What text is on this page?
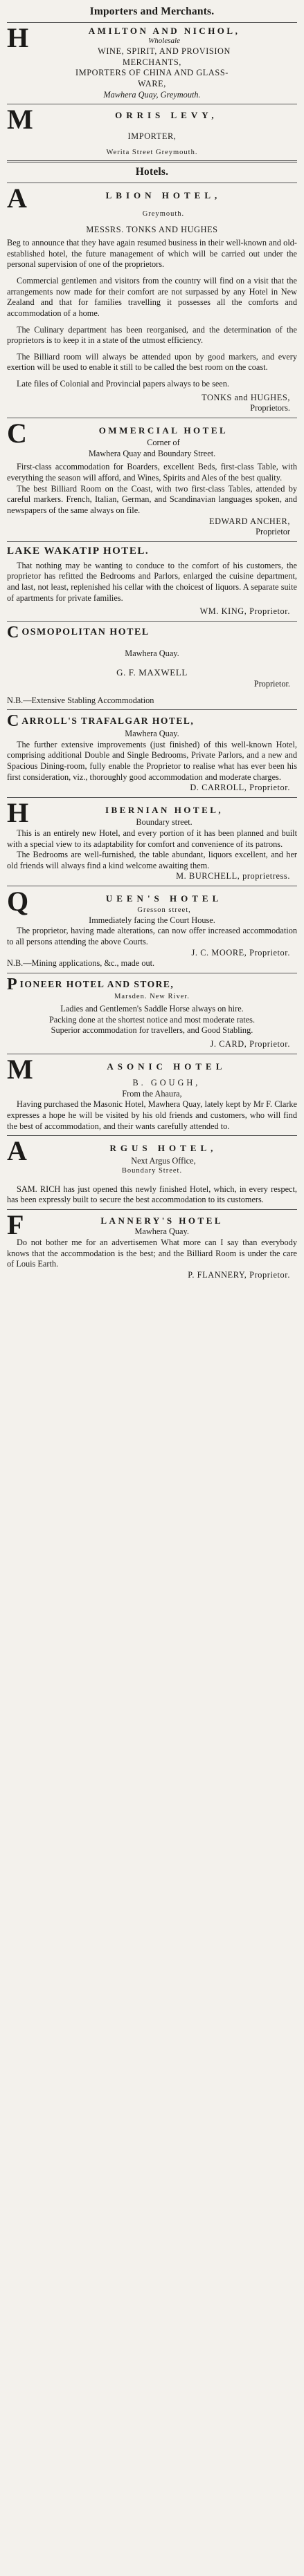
Importers and Merchants.
H	AMILTON AND NICHOL,
Wholesale
WINE, SPIRIT, AND PROVISION
MERCHANTS,
IMPORTERS OF CHINA AND GLASS-
WARE,
Mawhera Quay, Greymouth.
M	ORRIS LEVY,
IMPORTER,
Werita Street Greymouth.
Hotels.
A	LBION HOTEL,
Greymouth.
MESSRS. TONKS AND HUGHES

Beg to announce that they have again resumed business in their well-known and old-established hotel, the future management of which will be carried out under the personal supervision of one of the proprietors.

Commercial gentlemen and visitors from the country will find on a visit that the arrangements now made for their comfort are not surpassed by any Hotel in New Zealand and that for families travelling it possesses all the comforts and accommodation of a home.

The Culinary department has been reorganised, and the determination of the proprietors is to keep it in a state of the utmost efficiency.

The Billiard room will always be attended upon by good markers, and every exertion will be used to enable it still to be called the best room on the coast.

Late files of Colonial and Provincial papers always to be seen.

TONKS and HUGHES,
Proprietors.
C	OMMERCIAL HOTEL
Corner of
Mawhera Quay and Boundary Street.

First-class accommodation for Boarders, excellent Beds, first-class Table, with everything the season will afford, and Wines, Spirits and Ales of the best quality.

The best Billiard Room on the Coast, with two first-class Tables, attended by careful markers. French, Italian, German, and Scandinavian languages spoken, and newspapers of the same always on file.

EDWARD ANCHER,
Proprietor
LAKE WAKATIP HOTEL.

That nothing may be wanting to conduce to the comfort of his customers, the proprietor has refitted the Bedrooms and Parlors, enlarged the cuisine department, and last, not least, replenished his cellar with the choicest of liquors. A separate suite of apartments for private families.

WM. KING, Proprietor.
C OSMOPOLITAN HOTEL
Mawhera Quay.
G. F. MAXWELL
Proprietor.

N.B.—Extensive Stabling Accommodation

C ARROLL'S TRAFALGAR HOTEL,
Mawhera Quay.

The further extensive improvements (just finished) of this well-known Hotel, comprising additional Double and Single Bedrooms, Private Parlors, and a new and Spacious Dining-room, fully enable the Proprietor to realise what has ever been his first consideration, viz., thoroughly good accommodation and moderate charges.

D. CARROLL, Proprietor.
H	IBERNIAN HOTEL,
Boundary street.

This is an entirely new Hotel, and every portion of it has been planned and built with a special view to its adaptability for comfort and convenience of its patrons.

The Bedrooms are well-furnished, the table abundant, liquors excellent, and her old friends will always find a kind welcome awaiting them.

M. BURCHELL, proprietress.
Q	UEEN'S HOTEL
Gresson street,
Immediately facing the Court House.

The proprietor, having made alterations, can now offer increased accommodation to all persons attending the above Courts.

J. C. MOORE, Proprietor.

N.B.—Mining applications, &c., made out.

P IONEER HOTEL AND STORE,
Marsden. New River.

Ladies and Gentlemen's Saddle Horse always on hire.

Packing done at the shortest notice and most moderate rates.

Superior accommodation for travellers, and Good Stabling.

J. CARD, Proprietor.
M	ASONIC HOTEL
B. GOUGH,
From the Ahaura,

Having purchased the Masonic Hotel, Mawhera Quay, lately kept by Mr F. Clarke expresses a hope he will be visited by his old friends and customers, who will find the best of accommodation, and their wants carefully attended to.

A	RGUS HOTEL,
Next Argus Office,
Boundary Street.

SAM. RICH has just opened this newly finished Hotel, which, in every respect, has been expressly built to secure the best accommodation to its customers.

F	LANNERY'S HOTEL
Mawhera Quay.

Do not bother me for an advertisemen What more can I say than everybody knows that the accommodation is the best; and the Billiard Room is under the care of Louis Earth.

P. FLANNERY, Proprietor.
